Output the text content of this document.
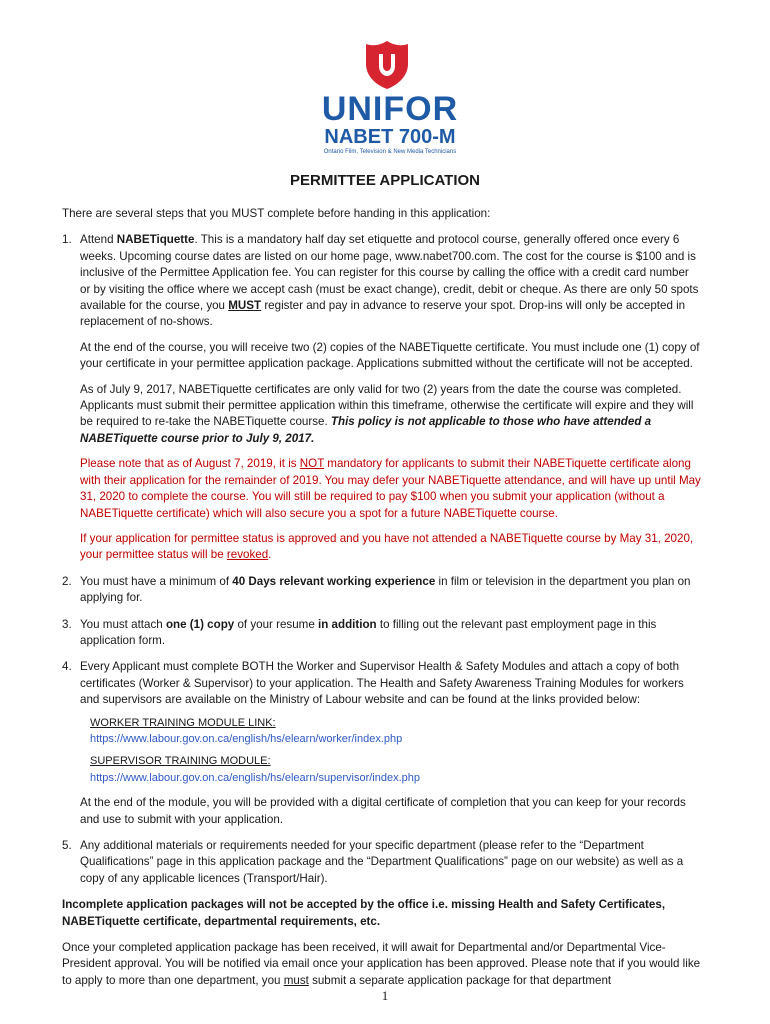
UNIFOR
NABET 700-M
Ontario Film, Television & New Media Technicians
PERMITTEE APPLICATION

There are several steps that you MUST complete before handing in this application:

1. Attend NABETiquette. This is a mandatory half day set etiquette and protocol course, generally offered once every 6 weeks. Upcoming course dates are listed on our home page, www.nabet700.com. The cost for the course is $100 and is inclusive of the Permittee Application fee. You can register for this course by calling the office with a credit card number or by visiting the office where we accept cash (must be exact change), credit, debit or cheque. As there are only 50 spots available for the course, you MUST register and pay in advance to reserve your spot. Drop-ins will only be accepted in replacement of no-shows.

At the end of the course, you will receive two (2) copies of the NABETiquette certificate. You must include one (1) copy of your certificate in your permittee application package. Applications submitted without the certificate will not be accepted.

As of July 9, 2017, NABETiquette certificates are only valid for two (2) years from the date the course was completed. Applicants must submit their permittee application within this timeframe, otherwise the certificate will expire and they will be required to re-take the NABETiquette course. This policy is not applicable to those who have attended a NABETiquette course prior to July 9, 2017.

Please note that as of August 7, 2019, it is NOT mandatory for applicants to submit their NABETiquette certificate along with their application for the remainder of 2019. You may defer your NABETiquette attendance, and will have up until May 31, 2020 to complete the course. You will still be required to pay $100 when you submit your application (without a NABETiquette certificate) which will also secure you a spot for a future NABETiquette course.

If your application for permittee status is approved and you have not attended a NABETiquette course by May 31, 2020, your permittee status will be revoked.

2. You must have a minimum of 40 Days relevant working experience in film or television in the department you plan on applying for.

3. You must attach one (1) copy of your resume in addition to filling out the relevant past employment page in this application form.

4. Every Applicant must complete BOTH the Worker and Supervisor Health & Safety Modules and attach a copy of both certificates (Worker & Supervisor) to your application. The Health and Safety Awareness Training Modules for workers and supervisors are available on the Ministry of Labour website and can be found at the links provided below:

WORKER TRAINING MODULE LINK:
https://www.labour.gov.on.ca/english/hs/elearn/worker/index.php
SUPERVISOR TRAINING MODULE:
https://www.labour.gov.on.ca/english/hs/elearn/supervisor/index.php

At the end of the module, you will be provided with a digital certificate of completion that you can keep for your records and use to submit with your application.

5. Any additional materials or requirements needed for your specific department (please refer to the “Department Qualifications” page in this application package and the “Department Qualifications” page on our website) as well as a copy of any applicable licences (Transport/Hair).

Incomplete application packages will not be accepted by the office i.e. missing Health and Safety Certificates, NABETiquette certificate, departmental requirements, etc.

Once your completed application package has been received, it will await for Departmental and/or Departmental Vice-President approval. You will be notified via email once your application has been approved. Please note that if you would like to apply to more than one department, you must submit a separate application package for that department

1
